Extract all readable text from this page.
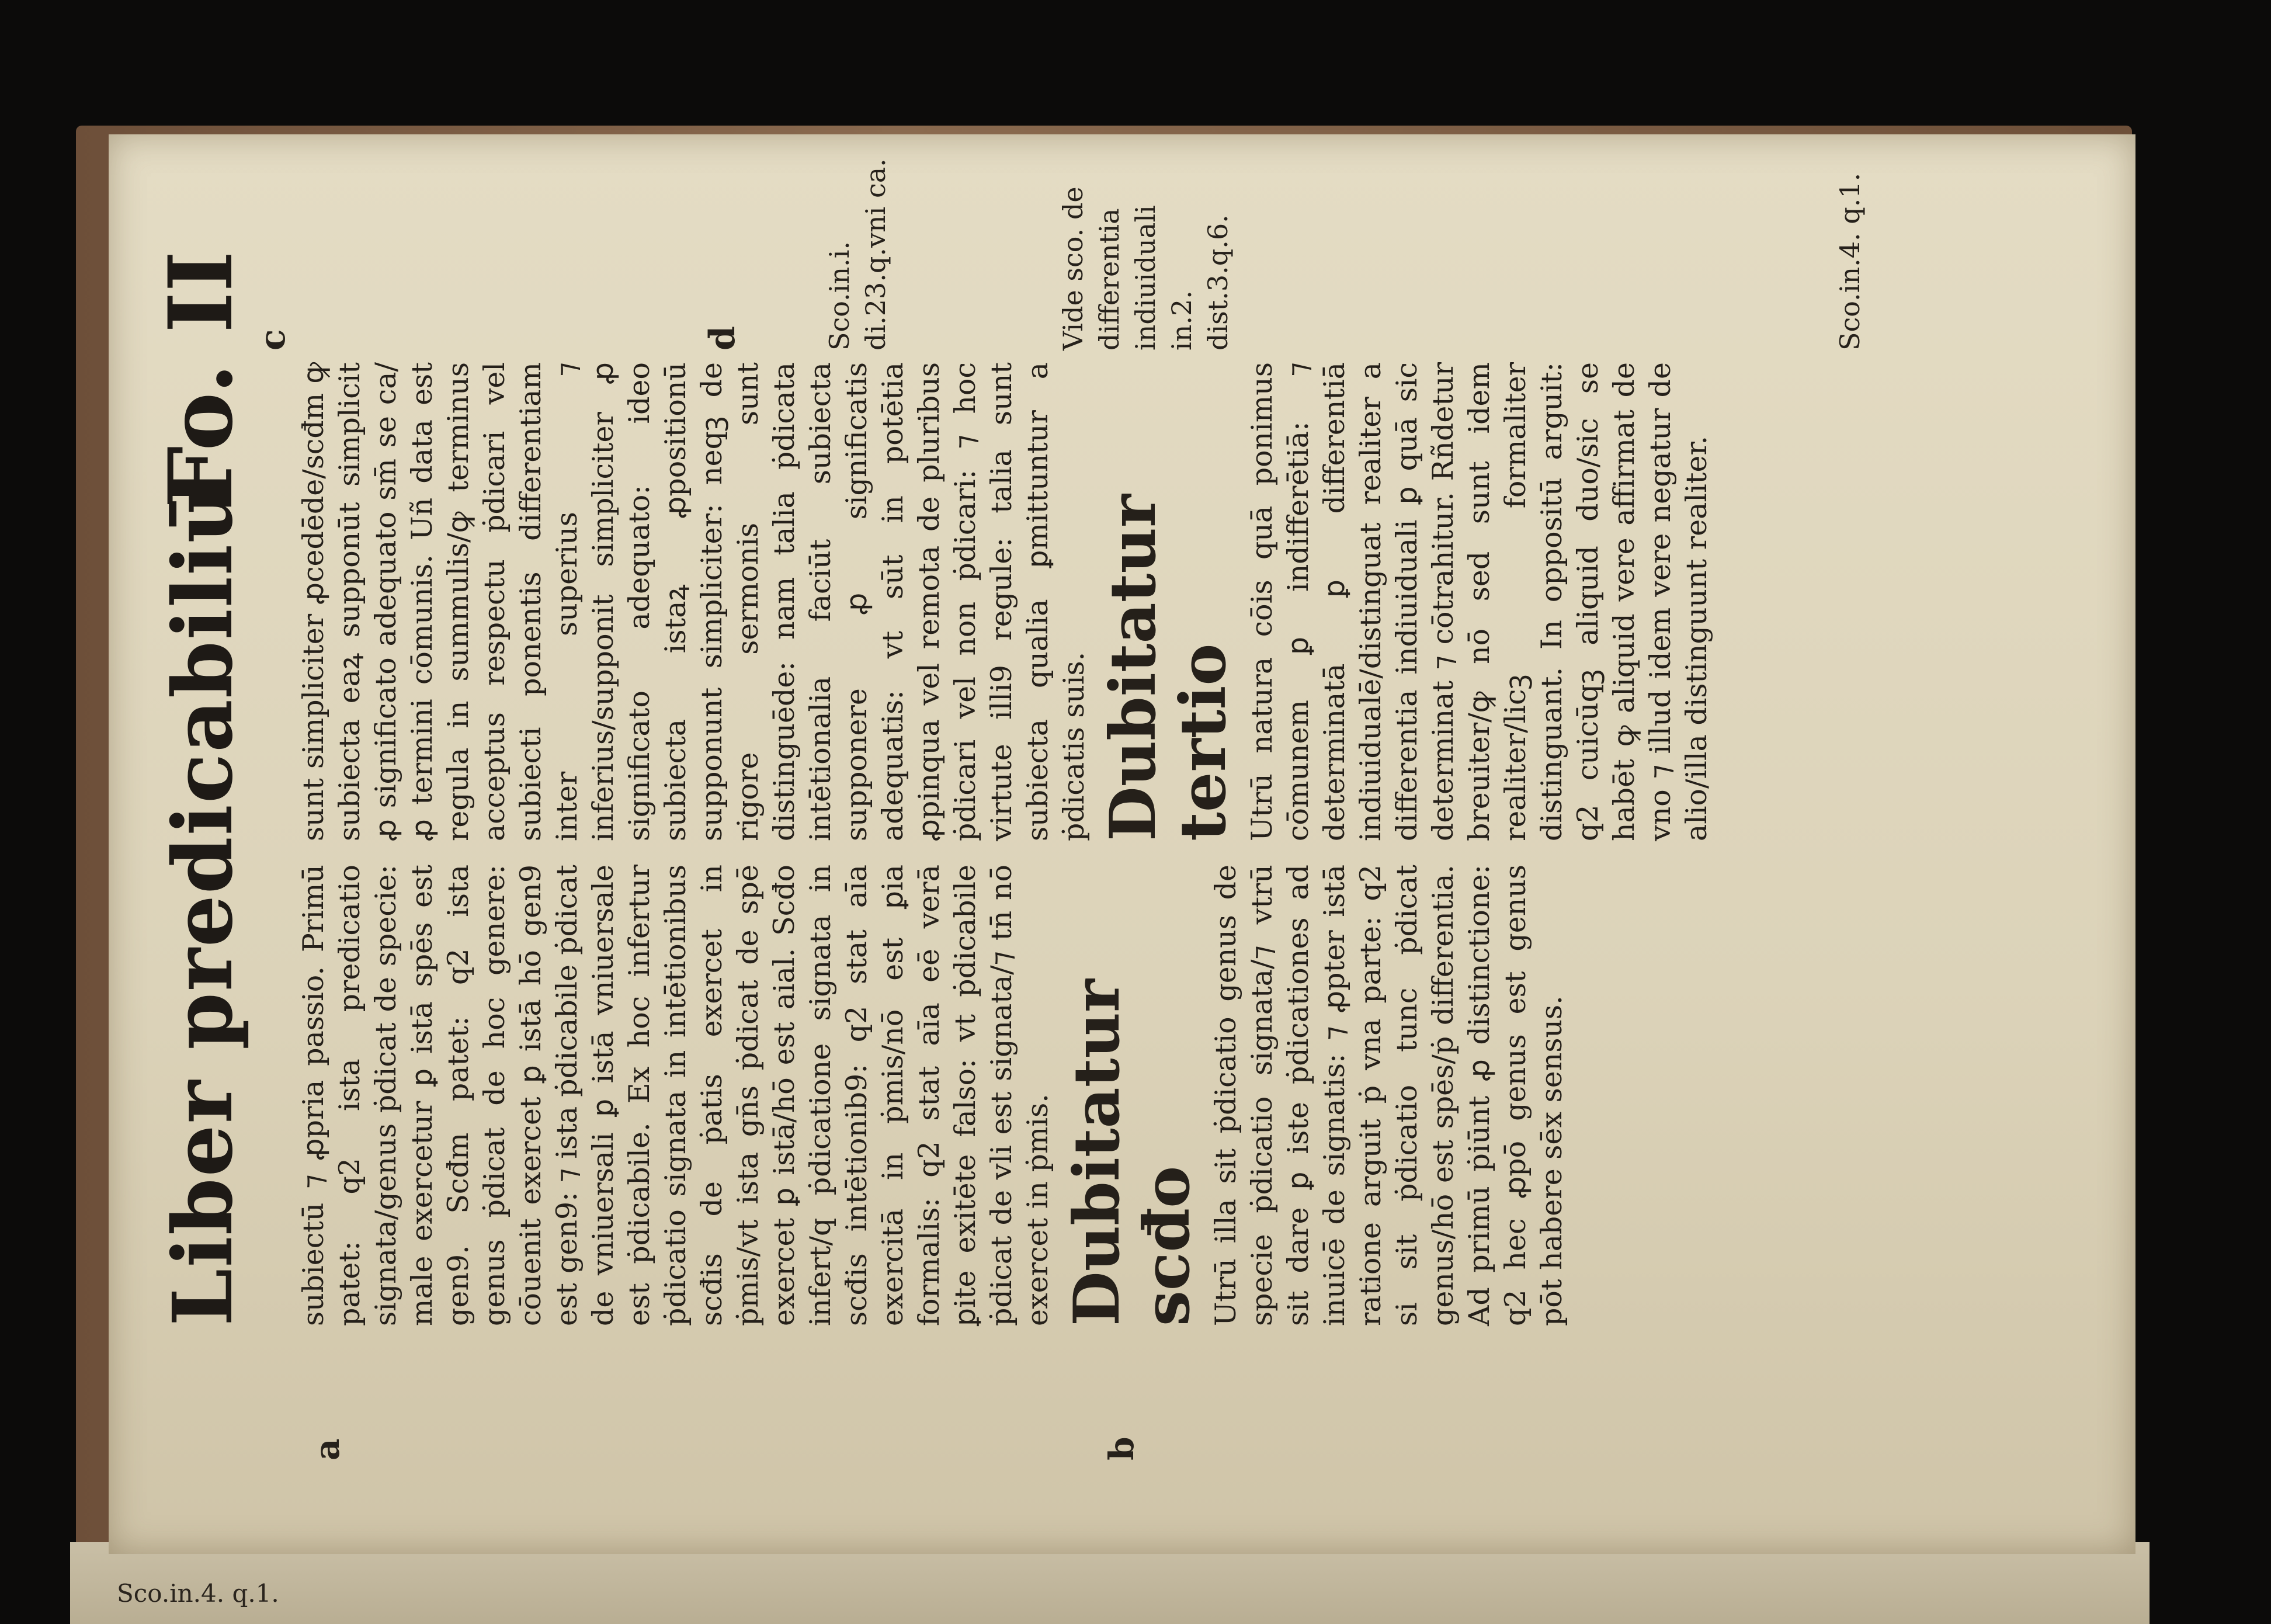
Liber predicabiliū
Fo. II
a	b
subiectū ⁊ ꝓpria passio. Primū patet: q2 ista predicatio signata/genus ṗdicat de specie: male exercetur ꝑ istā spēs est gen9. Scđm patet: q2 ista genus ṗdicat de hoc genere: cōuenit exercet ꝑ istā hō gen9 est gen9: ⁊ ista ṗdicabile ṗdicat de vniuersali ꝑ istā vniuersale est ṗdicabile. Ex hoc infertur ṗdicatio signata in intētionibus scđis de ṗatis exercet in ṗmis/vt ista gn̄s ṗdicat de spē exercet ꝑ istā/hō est aial. Scđo infert/q ṗdicatione signata in scđis intētionib9: q2 stat aīa exercitā in ṗmis/nō est ꝑia formalis: q2 stat aīa eē verā ꝑite exitēte falso: vt ṗdicabile ṗdicat de vli est signata/⁊ tn̄ nō exercet in ṗmis. Dubitatur scđo Utrū illa sit ṗdicatio genus de specie ṗdicatio signata/⁊ vtrū sit dare ꝑ iste ṗdicationes ad inuicē de signatis: ⁊ ꝓpter istā ratione arguit ṗ vna parte: q2 si sit ṗdicatio tunc ṗdicat genus/hō est spēs/ṗ differentia. Ad primū ṗiūnt ꝓ distinctione: q2 hec ꝓpō genus est genus pōt habere sēx sensus.
sunt simpliciter ꝓcedēde/scđm ꝙ subiecta eaꝝ supponūt simplicit ꝓ significato adequato sm̄ se ca/ꝓ termini cōmunis. Uñ data est regula in summulis/ꝙ terminus acceptus respectu ṗdicari vel subiecti ponentis differentiam inter superius ⁊ inferius/supponit simpliciter ꝓ significato adequato: ideo subiecta istaꝝ ꝓpositionū supponunt simpliciter: neqꝫ de rigore sermonis sunt distinguēde: nam talia ṗdicata intētionalia faciūt subiecta supponere ꝓ significatis adequatis: vt sūt in potētia ꝓpinqua vel remota de pluribus ṗdicari vel non ṗdicari: ⁊ hoc virtute illi9 regule: talia sunt subiecta qualia ꝑmittuntur a ṗdicatis suis. Dubitatur tertio Utrū natura cōis quā ponimus cōmunem ꝑ indifferētiā: ⁊ determinatā ꝑ differentiā indiuidualē/distinguat realiter a differentia indiuiduali ꝑ quā sic determinat ⁊ cōtrahitur. Rñdetur breuiter/ꝙ nō sed sunt idem realiter/licꝫ formaliter distinguant. In oppositū arguit: q2 cuicūqꝫ aliquid duo/sic se habēt ꝙ aliquid vere affirmat de vno ⁊ illud idem vere negatur de alio/illa distinguunt realiter.
c	d	Sco.in.i. di.23.q.vni ca.	Vide sco. de differentia indiuiduali in.2. dist.3.q.6.	Sco.in.4. q.1.
Sco.in.4. q.1.
